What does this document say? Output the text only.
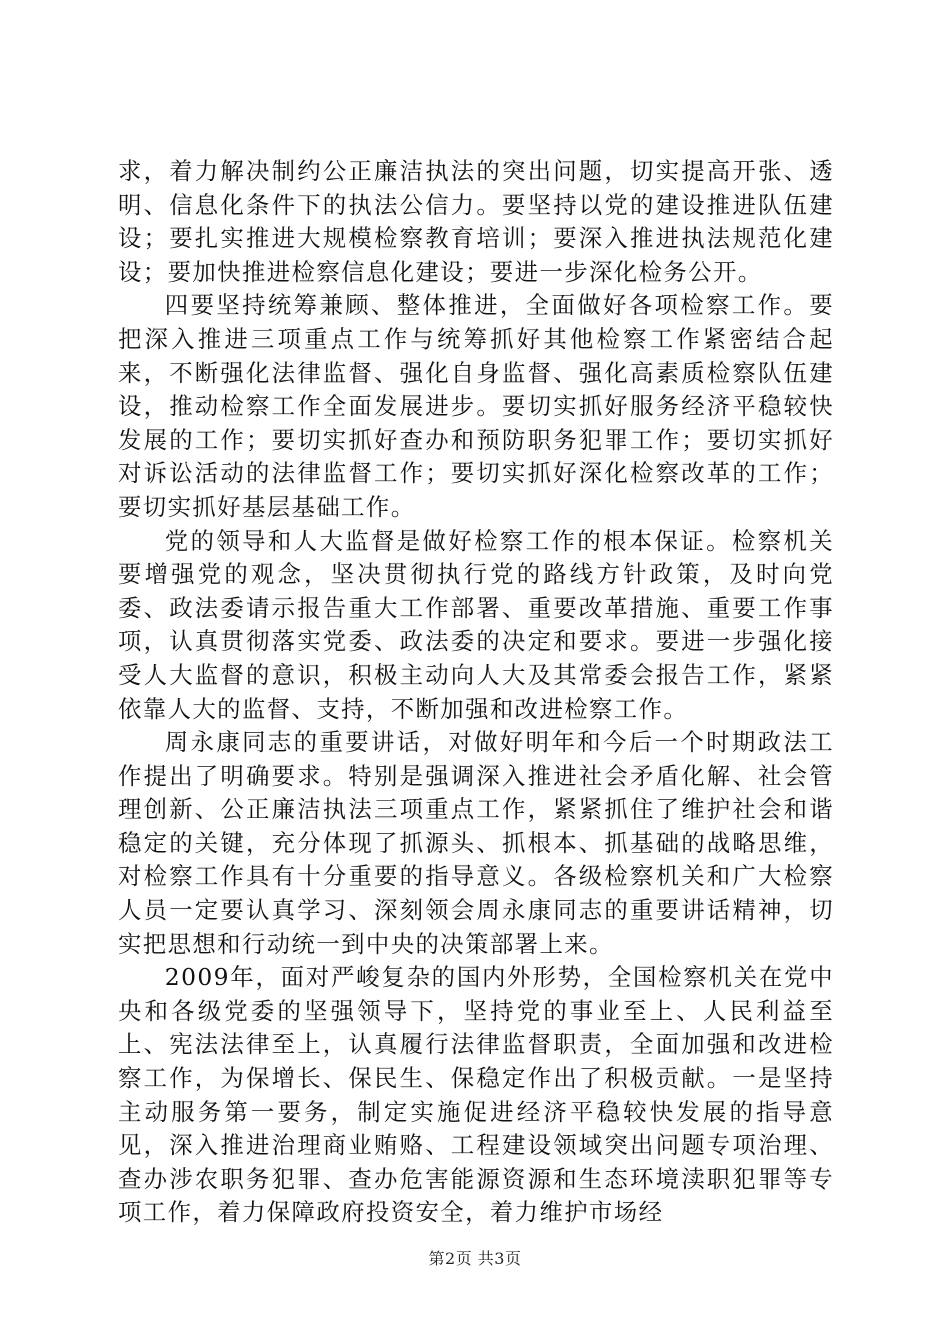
求，着力解决制约公正廉洁执法的突出问题，切实提高开张、透明、信息化条件下的执法公信力。要坚持以党的建设推进队伍建设；要扎实推进大规模检察教育培训；要深入推进执法规范化建设；要加快推进检察信息化建设；要进一步深化检务公开。

四要坚持统筹兼顾、整体推进，全面做好各项检察工作。要把深入推进三项重点工作与统筹抓好其他检察工作紧密结合起来，不断强化法律监督、强化自身监督、强化高素质检察队伍建设，推动检察工作全面发展进步。要切实抓好服务经济平稳较快发展的工作；要切实抓好查办和预防职务犯罪工作；要切实抓好对诉讼活动的法律监督工作；要切实抓好深化检察改革的工作；要切实抓好基层基础工作。

党的领导和人大监督是做好检察工作的根本保证。检察机关要增强党的观念，坚决贯彻执行党的路线方针政策，及时向党委、政法委请示报告重大工作部署、重要改革措施、重要工作事项，认真贯彻落实党委、政法委的决定和要求。要进一步强化接受人大监督的意识，积极主动向人大及其常委会报告工作，紧紧依靠人大的监督、支持，不断加强和改进检察工作。

周永康同志的重要讲话，对做好明年和今后一个时期政法工作提出了明确要求。特别是强调深入推进社会矛盾化解、社会管理创新、公正廉洁执法三项重点工作，紧紧抓住了维护社会和谐稳定的关键，充分体现了抓源头、抓根本、抓基础的战略思维，对检察工作具有十分重要的指导意义。各级检察机关和广大检察人员一定要认真学习、深刻领会周永康同志的重要讲话精神，切实把思想和行动统一到中央的决策部署上来。

2009年，面对严峻复杂的国内外形势，全国检察机关在党中央和各级党委的坚强领导下，坚持党的事业至上、人民利益至上、宪法法律至上，认真履行法律监督职责，全面加强和改进检察工作，为保增长、保民生、保稳定作出了积极贡献。一是坚持主动服务第一要务，制定实施促进经济平稳较快发展的指导意见，深入推进治理商业贿赂、工程建设领域突出问题专项治理、查办涉农职务犯罪、查办危害能源资源和生态环境渎职犯罪等专项工作，着力保障政府投资安全，着力维护市场经

第2页 共3页
